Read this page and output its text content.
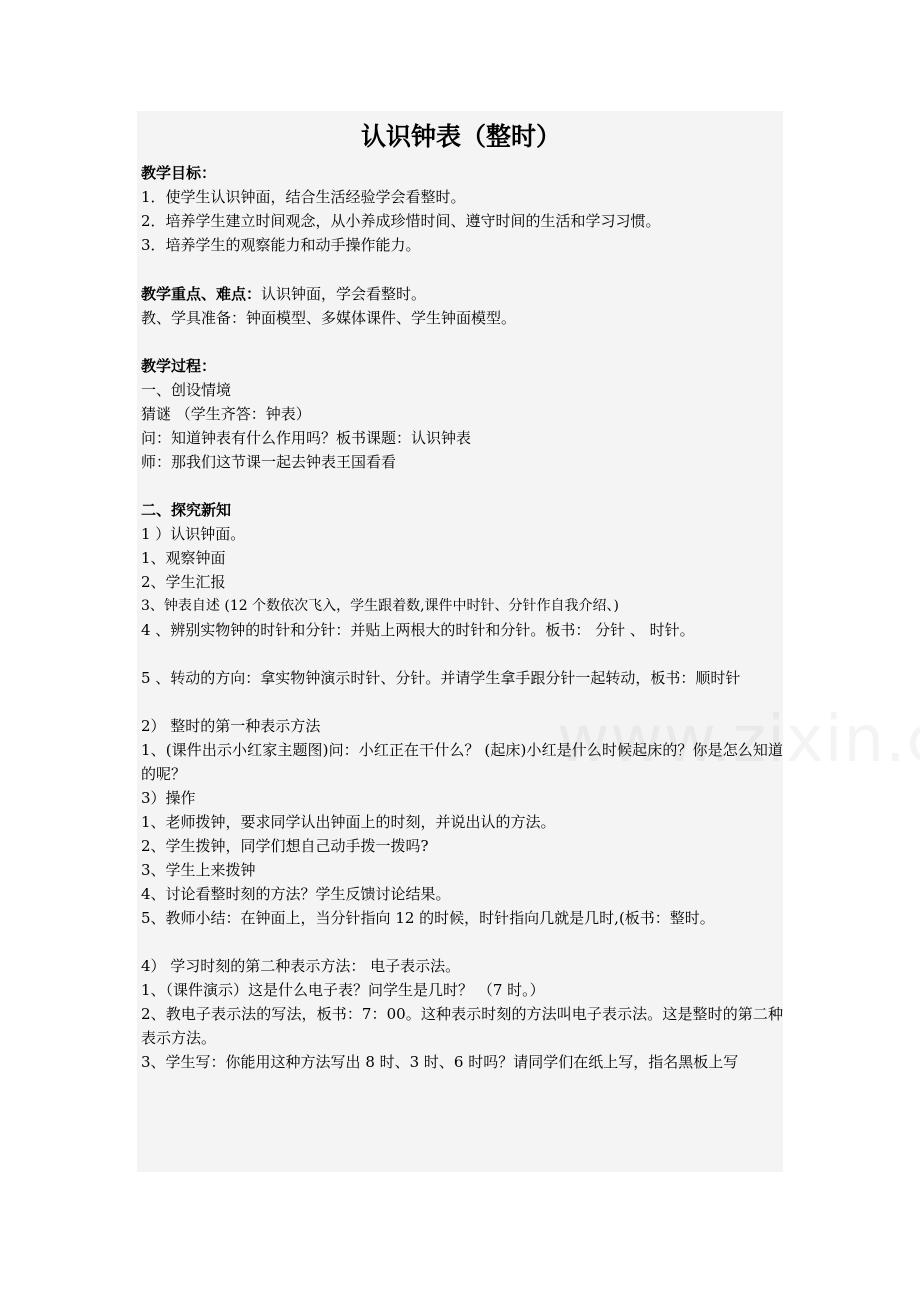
认识钟表（整时）
教学目标：
1．使学生认识钟面，结合生活经验学会看整时。
2．培养学生建立时间观念，从小养成珍惜时间、遵守时间的生活和学习习惯。
3．培养学生的观察能力和动手操作能力。
教学重点、难点：认识钟面，学会看整时。
教、学具准备：钟面模型、多媒体课件、学生钟面模型。
教学过程：
一、创设情境
猜谜 （学生齐答：钟表）
问：知道钟表有什么作用吗？板书课题：认识钟表
师：那我们这节课一起去钟表王国看看
二、探究新知
1 ）认识钟面。
1、观察钟面
2、学生汇报
3、钟表自述 (12 个数依次飞入，学生跟着数,课件中时针、分针作自我介绍、)
4 、辨别实物钟的时针和分针：并贴上两根大的时针和分针。板书： 分针 、 时针。
5 、转动的方向：拿实物钟演示时针、分针。并请学生拿手跟分针一起转动，板书：顺时针
2） 整时的第一种表示方法
1、(课件出示小红家主题图)问：小红正在干什么？ (起床)小红是什么时候起床的？你是怎么知道的呢？
3）操作
1、老师拨钟，要求同学认出钟面上的时刻，并说出认的方法。
2、学生拨钟，同学们想自己动手拨一拨吗?
3、学生上来拨钟
4、讨论看整时刻的方法？学生反馈讨论结果。
5、教师小结：在钟面上，当分针指向 12 的时候，时针指向几就是几时,(板书：整时。
4） 学习时刻的第二种表示方法： 电子表示法。
1、（课件演示）这是什么电子表？问学生是几时？ （7 时。）
2、教电子表示法的写法，板书：7：00。这种表示时刻的方法叫电子表示法。这是整时的第二种表示方法。
3、学生写：你能用这种方法写出 8 时、3 时、6 时吗？请同学们在纸上写，指名黑板上写
